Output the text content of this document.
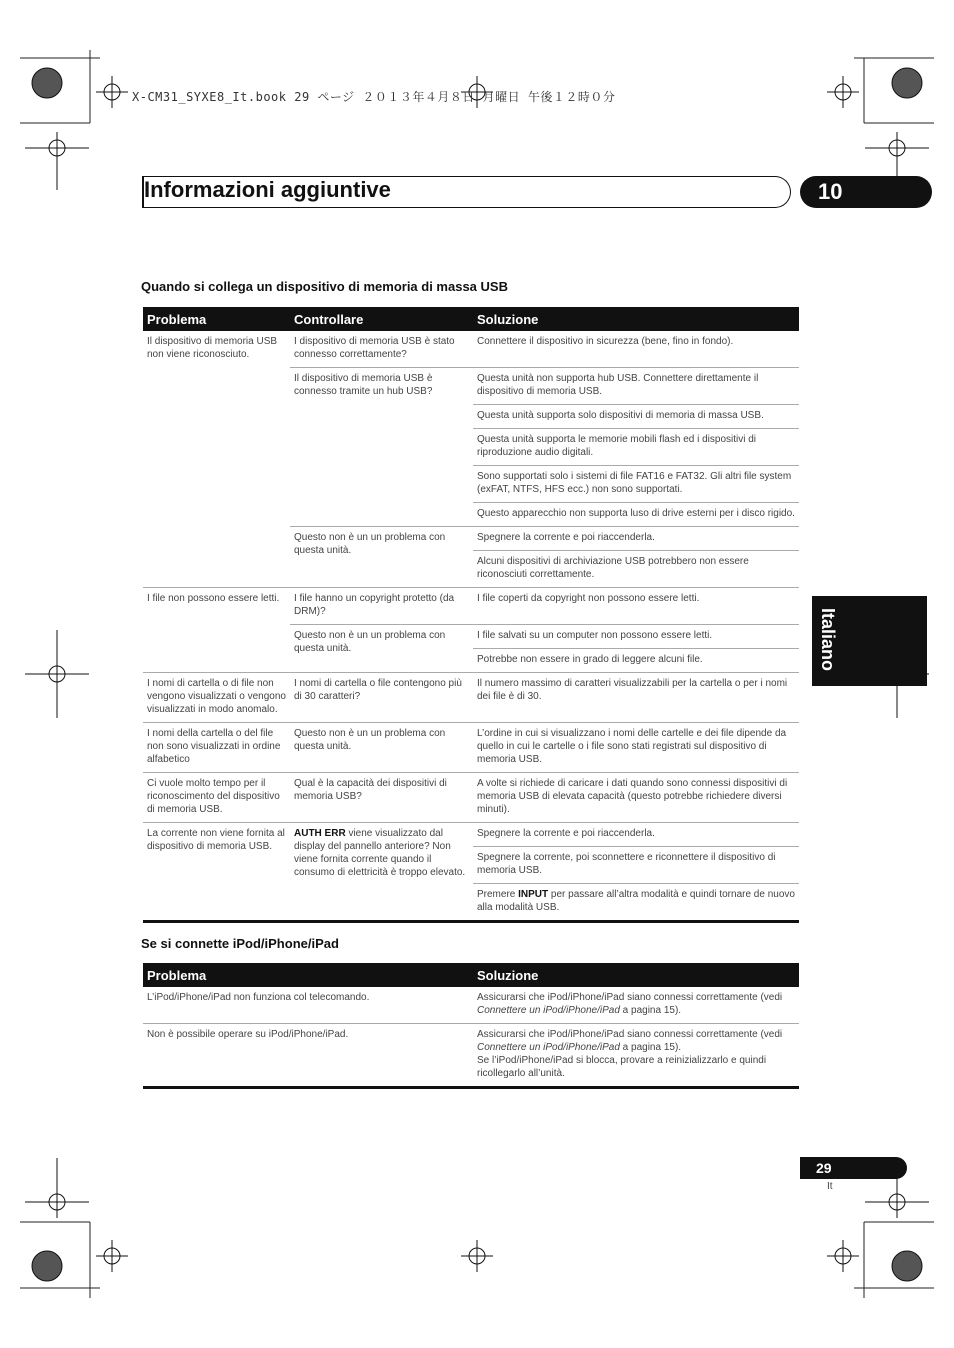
X-CM31_SYXE8_It.book 29 ページ ２０１３年４月８日 月曜日 午後１２時０分
Informazioni aggiuntive	10
Italiano
Quando si collega un dispositivo di memoria di massa USB
Problema	Controllare	Soluzione
Il dispositivo di memoria USB non viene riconosciuto.	I dispositivo di memoria USB è stato connesso correttamente?	Connettere il dispositivo in sicurezza (bene, fino in fondo).
	Il dispositivo di memoria USB è connesso tramite un hub USB?	Questa unità non supporta hub USB. Connettere direttamente il dispositivo di memoria USB.
		Questa unità supporta solo dispositivi di memoria di massa USB.
		Questa unità supporta le memorie mobili flash ed i dispositivi di riproduzione audio digitali.
		Sono supportati solo i sistemi di file FAT16 e FAT32. Gli altri file system (exFAT, NTFS, HFS ecc.) non sono supportati.
		Questo apparecchio non supporta luso di drive esterni per i disco rigido.
	Questo non è un un problema con questa unità.	Spegnere la corrente e poi riaccenderla.
		Alcuni dispositivi di archiviazione USB potrebbero non essere riconosciuti correttamente.
I file non possono essere letti.	I file hanno un copyright protetto (da DRM)?	I file coperti da copyright non possono essere letti.
	Questo non è un un problema con questa unità.	I file salvati su un computer non possono essere letti.
		Potrebbe non essere in grado di leggere alcuni file.
I nomi di cartella o di file non vengono visualizzati o vengono visualizzati in modo anomalo.	I nomi di cartella o file contengono più di 30 caratteri?	Il numero massimo di caratteri visualizzabili per la cartella o per i nomi dei file è di 30.
I nomi della cartella o del file non sono visualizzati in ordine alfabetico	Questo non è un un problema con questa unità.	L’ordine in cui si visualizzano i nomi delle cartelle e dei file dipende da quello in cui le cartelle o i file sono stati registrati sul dispositivo di memoria USB.
Ci vuole molto tempo per il riconoscimento del dispositivo di memoria USB.	Qual è la capacità dei dispositivi di memoria USB?	A volte si richiede di caricare i dati quando sono connessi dispositivi di memoria USB di elevata capacità (questo potrebbe richiedere diversi minuti).
La corrente non viene fornita al dispositivo di memoria USB.	AUTH ERR viene visualizzato dal display del pannello anteriore? Non viene fornita corrente quando il consumo di elettricità è troppo elevato.	Spegnere la corrente e poi riaccenderla.
		Spegnere la corrente, poi sconnettere e riconnettere il dispositivo di memoria USB.
		Premere INPUT per passare all’altra modalità e quindi tornare de nuovo alla modalità USB.
Se si connette iPod/iPhone/iPad
Problema	Soluzione
L’iPod/iPhone/iPad non funziona col telecomando.	Assicurarsi che iPod/iPhone/iPad siano connessi correttamente (vedi Connettere un iPod/iPhone/iPad a pagina 15).
Non è possibile operare su iPod/iPhone/iPad.	Assicurarsi che iPod/iPhone/iPad siano connessi correttamente (vedi Connettere un iPod/iPhone/iPad a pagina 15).
Se l’iPod/iPhone/iPad si blocca, provare a reinizializzarlo e quindi ricollegarlo all’unità.
29
It
